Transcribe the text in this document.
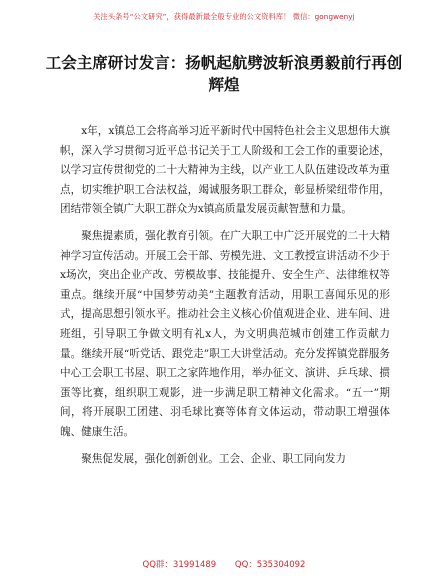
关注头条号“公文研究”，获得最新最全般专业的公文资料库！ 微信：gongwenyj
工会主席研讨发言：扬帆起航劈波斩浪勇毅前行再创辉煌

x年，x镇总工会将高举习近平新时代中国特色社会主义思想伟大旗帜，深入学习贯彻习近平总书记关于工人阶级和工会工作的重要论述，以学习宣传贯彻党的二十大精神为主线，以产业工人队伍建设改革为重点，切实维护职工合法权益，竭诚服务职工群众，彰显桥梁纽带作用，团结带领全镇广大职工群众为x镇高质量发展贡献智慧和力量。

聚焦提素质，强化教育引领。在广大职工中广泛开展党的二十大精神学习宣传活动。开展工会干部、劳模先进、文工教授宣讲活动不少于x场次，突出企业产改、劳模故事、技能提升、安全生产、法律维权等重点。继续开展“中国梦劳动美”主题教育活动，用职工喜闻乐见的形式，提高思想引领水平。推动社会主义核心价值观进企业、进车间、进班组，引导职工争做文明有礼x人，为文明典范城市创建工作贡献力量。继续开展“听党话、跟党走”职工大讲堂活动。充分发挥镇党群服务中心工会职工书屋、职工之家阵地作用，举办征文、演讲、乒乓球、掼蛋等比赛，组织职工观影，进一步满足职工精神文化需求。“五一”期间，将开展职工团建、羽毛球比赛等体育文体运动，带动职工增强体魄、健康生活。

聚焦促发展，强化创新创业。工会、企业、职工同向发力

QQ群：31991489 QQ：535304092
